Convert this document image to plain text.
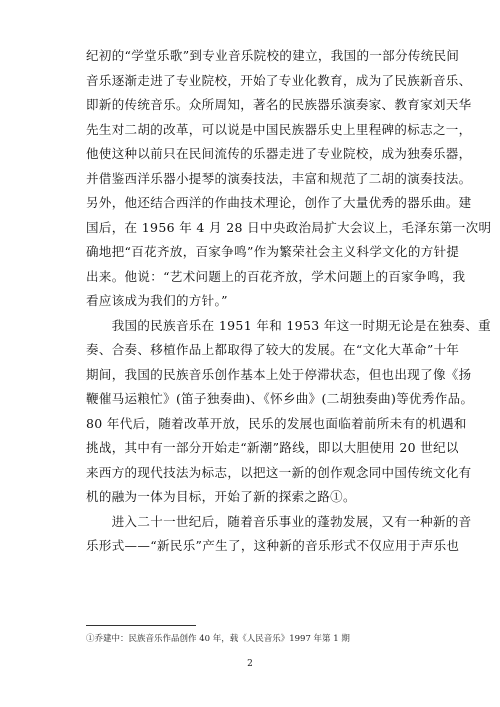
纪初的“学堂乐歌”到专业音乐院校的建立，我国的一部分传统民间
音乐逐渐走进了专业院校，开始了专业化教育，成为了民族新音乐、
即新的传统音乐。众所周知，著名的民族器乐演奏家、教育家刘天华
先生对二胡的改革，可以说是中国民族器乐史上里程碑的标志之一，
他使这种以前只在民间流传的乐器走进了专业院校，成为独奏乐器，
并借鉴西洋乐器小提琴的演奏技法，丰富和规范了二胡的演奏技法。
另外，他还结合西洋的作曲技术理论，创作了大量优秀的器乐曲。建
国后，在 1956 年 4 月 28 日中央政治局扩大会议上，毛泽东第一次明
确地把“百花齐放，百家争鸣”作为繁荣社会主义科学文化的方针提
出来。他说：“艺术问题上的百花齐放，学术问题上的百家争鸣，我
看应该成为我们的方针。”
　　我国的民族音乐在 1951 年和 1953 年这一时期无论是在独奏、重
奏、合奏、移植作品上都取得了较大的发展。在“文化大革命”十年
期间，我国的民族音乐创作基本上处于停滞状态，但也出现了像《扬
鞭催马运粮忙》(笛子独奏曲)、《怀乡曲》(二胡独奏曲)等优秀作品。
80 年代后，随着改革开放，民乐的发展也面临着前所未有的机遇和
挑战，其中有一部分开始走“新潮”路线，即以大胆使用 20 世纪以
来西方的现代技法为标志，以把这一新的创作观念同中国传统文化有
机的融为一体为目标，开始了新的探索之路①。
　　进入二十一世纪后，随着音乐事业的蓬勃发展，又有一种新的音
乐形式——“新民乐”产生了，这种新的音乐形式不仅应用于声乐也
①乔建中：民族音乐作品创作 40 年，载《人民音乐》1997 年第 1 期
2
